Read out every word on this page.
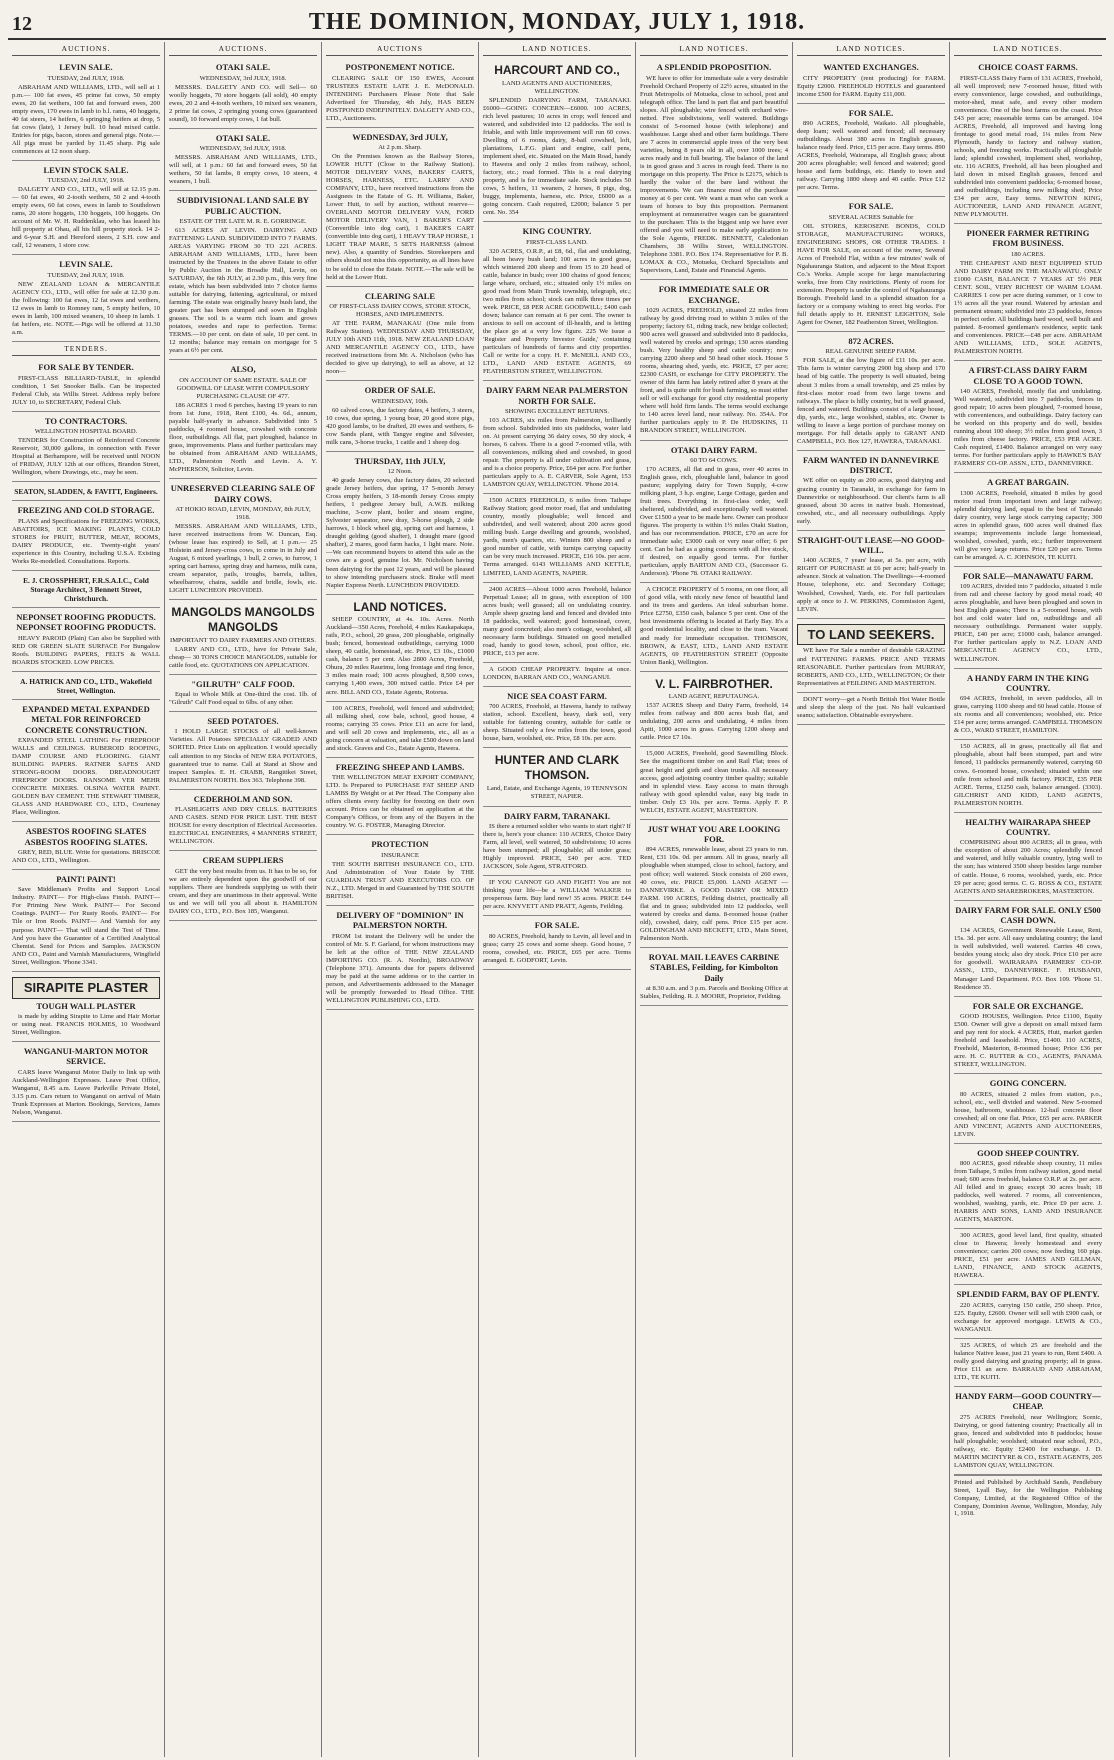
12	THE DOMINION, MONDAY, JULY 1, 1918.
AUCTIONS.
LEVIN SALE.
TUESDAY, 2nd JULY, 1918.

ABRAHAM AND WILLIAMS, LTD., will sell at 1 p.m.— 100 fat ewes, 45 prime fat cows, 50 empty ewes, 20 fat wethers, 100 fat and forward ewes, 200 empty ewes, 170 ewes in lamb to b.l. rams, 40 hoggets, 40 fat steers, 14 heifers, 6 springing heifers at drop, 5 fat cows (late), 1 Jersey bull. 10 head mixed cattle. Entries for pigs, bacon, stores and general pigs. Note.—All pigs must be yarded by 11.45 sharp. Pig sale commences at 12 noon sharp.

LEVIN STOCK SALE.
TUESDAY, 2nd JULY, 1918.

DALGETY AND CO., LTD., will sell at 12.15 p.m.— 60 fat ewes, 40 2-tooth wethers, 50 2 and 4-tooth empty ewes, 60 fat cows, ewes in lamb to Southdown rams, 20 store hoggets, 130 hoggets, 100 hoggets. On account of Mr. W. H. Ruddenklau, who has leased his hill property at Ohau, all his hill property stock. 14 2- and 6-year S.H. and Hereford steers, 2 S.H. cow and calf, 12 weaners, 1 store cow.

LEVIN SALE.
TUESDAY, 2nd JULY, 1918.

NEW ZEALAND LOAN & MERCANTILE AGENCY CO., LTD., will offer for sale at 12.30 p.m. the following: 100 fat ewes, 12 fat ewes and wethers, 12 ewes in lamb to Romney ram, 5 empty heifers, 10 ewes in lamb, 100 mixed weaners, 10 sheep in lamb. 1 fat heifers, etc. NOTE.—Pigs will be offered at 11.30 a.m.

TENDERS.
FOR SALE BY TENDER.

FIRST-CLASS BILLIARD-TABLE, in splendid condition, 1 Set Snooker Balls. Can be inspected Federal Club, sta Willis Street. Address reply before JULY 10, to SECRETARY, Federal Club.

TO CONTRACTORS.
WELLINGTON HOSPITAL BOARD.

TENDERS for Construction of Reinforced Concrete Reservoir, 30,000 gallons, in connection with Fever Hospital at Berhampore, will be received until NOON of FRIDAY, JULY 12th at our offices, Brandon Street, Wellington, where Drawings, etc., may be seen.

SEATON, SLADDEN, & FAVITT, Engineers.
FREEZING AND COLD STORAGE.

PLANS and Specifications for FREEZING WORKS, ABATTOIRS, ICE MAKING PLANTS, COLD STORES for FRUIT, BUTTER, MEAT, ROOMS, DAIRY PRODUCE, etc. Twenty-eight years' experience in this Country, including U.S.A. Existing Works Re-modelled. Consultations. Reports.

E. J. CROSSPHERT, F.R.S.A.I.C., Cold Storage Architect, 3 Bennett Street, Christchurch.
NEPONSET ROOFING PRODUCTS. NEPONSET ROOFING PRODUCTS.

HEAVY PAROID (Plain) Can also be Supplied with RED OR GREEN SLATE SURFACE For Bungalow Roofs. BUILDING PAPERS, FELTS & WALL BOARDS STOCKED. LOW PRICES.

A. HATRICK AND CO., LTD., Wakefield Street, Wellington.
EXPANDED METAL EXPANDED METAL FOR REINFORCED CONCRETE CONSTRUCTION.

EXPANDED STEEL LATHING For FIREPROOF WALLS and CEILINGS. RUBEROID ROOFING, DAMP COURSE AND FLOORING. GIANT BUILDING PAPERS. RATNER SAFES AND STRONG-ROOM DOORS. DREADNOUGHT FIREPROOF DOORS. RANSOME VER MEHR CONCRETE MIXERS. OLSINA WATER PAINT. GOLDEN BAY CEMENT. THE STEWART TIMBER, GLASS AND HARDWARE CO., LTD., Courtenay Place, Wellington.

ASBESTOS ROOFING SLATES ASBESTOS ROOFING SLATES.

GREY, RED, BLUE. Write for quotations. BRISCOE AND CO., LTD., Wellington.

PAINT! PAINT!

Save Middleman's Profits and Support Local Industry. PAINT— For High-class Finish. PAINT— For Priming New Work. PAINT— For Second Coatings. PAINT— For Rusty Roofs. PAINT— For Tile or Iron Roofs. PAINT— And Varnish for any purpose. PAINT— That will stand the Test of Time. And you have the Guarantee of a Certified Analytical Chemist. Send for Prices and Samples. JACKSON AND CO., Paint and Varnish Manufacturers, Wingfield Street, Wellington. 'Phone 3341.

SIRAPITE PLASTER
TOUGH WALL PLASTER

is made by adding Sirapite to Lime and Hair Mortar or using neat. FRANCIS HOLMES, 10 Woodward Street, Wellington.

WANGANUI-MARTON MOTOR SERVICE.

CARS leave Wanganui Motor Daily to link up with Auckland-Wellington Expresses. Leave Post Office, Wanganui, 8.45 a.m. Leave Parkville Private Hotel, 3.15 p.m. Cars return to Wanganui on arrival of Main Trunk Expresses at Marton. Bookings, Services, James Nelson, Wanganui.

AUCTIONS.
OTAKI SALE.
WEDNESDAY, 3rd JULY, 1918.

MESSRS. DALGETY AND CO. will Sell— 60 woolly hoggets, 70 store hoggets (all sold), 40 empty ewes, 20 2 and 4-tooth wethers, 10 mixed sex weaners, 2 prime fat cows, 2 springing young cows (guaranteed sound), 10 forward empty cows, 1 fat bull.

OTAKI SALE.
WEDNESDAY, 3rd JULY, 1918.

MESSRS. ABRAHAM AND WILLIAMS, LTD., will sell, at 1 p.m.: 60 fat and forward ewes, 50 fat wethers, 50 fat lambs, 8 empty cows, 10 steers, 4 weaners, 1 bull.

SUBDIVISIONAL LAND SALE BY PUBLIC AUCTION.
ESTATE OF THE LATE M. R. E. GORRINGE.

613 ACRES AT LEVIN. DAIRYING AND FATTENING LAND. SUBDIVIDED INTO 7 FARMS. AREAS VARYING FROM 30 TO 221 ACRES. ABRAHAM AND WILLIAMS, LTD., have been instructed by the Trustees in the above Estate to offer by Public Auction in the Broadie Hall, Levin, on SATURDAY, the 6th JULY, at 2.30 p.m., this very fine estate, which has been subdivided into 7 choice farms suitable for dairying, fattening, agricultural, or mixed farming. The estate was originally heavy bush land, the greater part has been stumped and sown in English grasses. The soil is a warm rich loam and grows potatoes, swedes and rape to perfection. Terms: TERMS.—10 per cent. on date of sale, 10 per cent. in 12 months; balance may remain on mortgage for 5 years at 6½ per cent.

ALSO,
ON ACCOUNT OF SAME ESTATE. SALE OF GOODWILL OF LEASE WITH COMPULSORY PURCHASING CLAUSE OF 477.

186 ACRES 1 rood 6 perches, having 19 years to run from 1st June, 1918, Rent £100, 4s. 6d., annum, payable half-yearly in advance. Subdivided into 5 paddocks, 4 roomed house, cowshed with concrete floor, outbuildings. All flat, part ploughed, balance in grass, improvements. Plans and further particulars may be obtained from ABRAHAM AND WILLIAMS, LTD., Palmerston North and Levin. A. Y. McPHERSON, Solicitor, Levin.

UNRESERVED CLEARING SALE OF DAIRY COWS.
AT HOKIO ROAD, LEVIN, MONDAY, 8th JULY, 1918.

MESSRS. ABRAHAM AND WILLIAMS, LTD., have received instructions from W. Duncan, Esq. (whose lease has expired) to Sell, at 1 p.m.— 25 Holstein and Jersey-cross cows, to come in in July and August, 6 mixed yearlings, 1 bull, 2 cows, to furrow, 1 spring cart harness, spring dray and harness, milk cans, cream separator, pails, troughs, barrels, tallies, wheelbarrow, chains, saddle and bridle, fowls, etc. LIGHT LUNCHEON PROVIDED.

MANGOLDS MANGOLDS MANGOLDS
IMPORTANT TO DAIRY FARMERS AND OTHERS.

LARRY AND CO., LTD., have for Private Sale, cheap— 30 TONS CHOICE MANGOLDS, suitable for cattle food, etc. QUOTATIONS ON APPLICATION.

"GILRUTH" CALF FOOD.

Equal to Whole Milk at One-third the cost. 1lb. of "Gilruth" Calf Food equal to 6lbs. of any other.

SEED POTATOES.

I HOLD LARGE STOCKS of all well-known Varieties. All Potatoes SPECIALLY GRADED AND SORTED. Price Lists on application. I would specially call attention to my Stocks of NEW ERA POTATOES, guaranteed true to name. Call at Stand at Show and inspect Samples. E. H. CRABB, Rangitikei Street, PALMERSTON NORTH. Box 363. Telephone 398.

CEDERHOLM AND SON.

FLASHLIGHTS AND DRY CELLS. BATTERIES AND CASES. SEND FOR PRICE LIST. THE BEST HOUSE for every description of Electrical Accessories. ELECTRICAL ENGINEERS, 4 MANNERS STREET, WELLINGTON.

CREAM SUPPLIERS

GET the very best results from us. It has to be so, for we are entirely dependent upon the goodwill of our suppliers. There are hundreds supplying us with their cream, and they are unanimous in their approval. Write us and we will tell you all about it. HAMILTON DAIRY CO., LTD., P.O. Box 185, Wanganui.

AUCTIONS
POSTPONEMENT NOTICE.

CLEARING SALE OF 150 EWES, Account TRUSTEES ESTATE LATE J. E. McDONALD. INTENDING Purchasers Please Note that Sale Advertised for Thursday, 4th July, HAS BEEN POSTPONED INDEFINITELY. DALGETY AND CO., LTD., Auctioneers.

WEDNESDAY, 3rd JULY,
At 2 p.m. Sharp.

On the Premises known as the Railway Stores, LOWER HUTT (Close to the Railway Station). MOTOR DELIVERY VANS, BAKERS' CARTS, HORSES, HARNESS, ETC. LARRY AND COMPANY, LTD., have received instructions from the Assignees in the Estate of G. H. Williams, Baker, Lower Hutt, to sell by auction, without reserve— OVERLAND MOTOR DELIVERY VAN, FORD MOTOR DELIVERY VAN, 1 BAKER'S CART (Convertible into dog cart), 1 BAKER'S CART (convertible into dog cart), 1 HEAVY TRAP HORSE, 1 LIGHT TRAP MARE, 5 SETS HARNESS (almost new). Also, a quantity of Sundries. Storekeepers and others should not miss this opportunity, as all lines have to be sold to close the Estate. NOTE.—The sale will be held at the Lower Hutt.

CLEARING SALE
OF FIRST-CLASS DAIRY COWS, STORE STOCK, HORSES, AND IMPLEMENTS.

AT THE FARM, MANAKAU (One mile from Railway Station). WEDNESDAY AND THURSDAY, JULY 10th AND 11th, 1918. NEW ZEALAND LOAN AND MERCANTILE AGENCY CO., LTD., have received instructions from Mr. A. Nicholson (who has decided to give up dairying), to sell as above, at 12 noon—

ORDER OF SALE.
WEDNESDAY, 10th.

60 calved cows, due factory dates, 4 heifers, 3 steers, 10 cows, due spring, 1 young boar, 20 good store pigs, 420 good lambs, to be drafted, 20 ewes and wethers, 6-cow Sands plant, with Tangye engine and Silvester, milk cans, 3-horse trucks, 1 cattle and 1 sheep dog.

THURSDAY, 11th JULY,
12 Noon.

40 grade Jersey cows, due factory dates, 20 selected grade Jersey heifers, due spring, 17 5-month Jersey Cross empty heifers, 3 18-month Jersey Cross empty heifers, 1 pedigree Jersey bull, A.W.B. milking machine, 3-cow plant, boiler and steam engine, Sylvester separator, new dray, 3-horse plough, 2 side harrows, 1 block wheel gig, spring cart and harness, 1 draught gelding (good shafter), 1 draught mare (good shafter), 2 mares, good farm hacks, 1 light mare. Note.—We can recommend buyers to attend this sale as the cows are a good, genuine lot. Mr. Nicholson having been dairying for the past 12 years, and will be pleased to show intending purchasers stock. Brake will meet Napier Express North. LUNCHEON PROVIDED.

LAND NOTICES.

SHEEP COUNTRY, at 4s. 10s. Acres. North Auckland—350 Acres, Freehold, 4 miles Kaukapakapa, rails, P.O., school, 20 grass, 200 ploughable, originally bush; fenced, homestead outbuildings, carrying 1000 sheep, 40 cattle, homestead, etc. Price, £3 10s., £1000 cash, balance 5 per cent. Also 2800 Acres, Freehold, Ohura, 20 miles Raurimu, long frontage and ring fence, 3 miles main road; 100 acres ploughed, 8,500 cows, carrying 1,400 ewes, 300 mixed cattle. Price £4 per acre. BILL AND CO., Estate Agents, Rotorua.

100 ACRES, Freehold, well fenced and subdivided; all milking shed, cow bale, school, good house, 4 rooms; carrying 35 cows. Price £11 an acre for land, and will sell 20 cows and implements, etc., all as a going concern at valuation, and take £500 down on land and stock. Graves and Co., Estate Agents, Hawera.

FREEZING SHEEP AND LAMBS.

THE WELLINGTON MEAT EXPORT COMPANY, LTD. Is Prepared to PURCHASE FAT SHEEP AND LAMBS By Weight or at Per Head. The Company also offers clients every facility for freezing on their own account. Prices can be obtained on application at the Company's Offices, or from any of the Buyers in the country. W. G. FOSTER, Managing Director.

PROTECTION
INSURANCE

THE SOUTH BRITISH INSURANCE CO., LTD. And Administration of Your Estate by THE GUARDIAN TRUST AND EXECUTORS CO. OF N.Z., LTD. Merged in and Guaranteed by THE SOUTH BRITISH.

DELIVERY OF "DOMINION" IN PALMERSTON NORTH.

FROM 1st instant the Delivery will be under the control of Mr. S. F. Garland, for whom instructions may be left at the office of THE NEW ZEALAND IMPORTING CO. (R. A. Nordin), BROADWAY (Telephone 371). Amounts due for papers delivered may be paid at the same address or to the carrier in person, and Advertisements addressed to the Manager will be promptly forwarded to Head Office. THE WELLINGTON PUBLISHING CO., LTD.

LAND NOTICES.
HARCOURT AND CO.,
LAND AGENTS AND AUCTIONEERS, WELLINGTON.

SPLENDID DAIRYING FARM, TARANAKI. £6000—GOING CONCERN—£6000. 100 ACRES, rich level pastures; 10 acres in crop; well fenced and watered, and subdivided into 12 paddocks. The soil is friable, and with little improvement will run 60 cows. Dwelling of 6 rooms, dairy, 8-bail cowshed, loft, plantations, L.F.G. plant and engine, calf pens, implement shed, etc. Situated on the Main Road, handy to Hawera and only 2 miles from railway, school, factory, etc.; road formed. This is a real dairying property, and is for immediate sale. Stock includes 50 cows, 5 heifers, 11 weaners, 2 horses, 8 pigs, dog, buggy, implements, harness, etc. Price, £6000 as a going concern. Cash required, £2000; balance 5 per cent. No. 354

KING COUNTRY.
FIRST-CLASS LAND.

320 ACRES, O.R.P., at £8, 6d., flat and undulating, all been heavy bush land; 100 acres in good grass, which wintered 200 sheep and from 15 to 20 head of cattle, balance in bush; over 100 chains of good fences; large whare, orchard, etc.; situated only 1½ miles on good road from Main Trunk township, telegraph, etc.; two miles from school; stock can milk three times per week. PRICE, £8 PER ACRE GOODWILL; £400 cash down; balance can remain at 6 per cent. The owner is anxious to sell on account of ill-health, and is letting the place go at a very low figure. 225 We issue a 'Register and Property Investor Guide,' containing particulars of hundreds of farms and city properties. Call or write for a copy. H. F. McNEILL AND CO., LTD., LAND AND ESTATE AGENTS, 69 FEATHERSTON STREET, WELLINGTON.

DAIRY FARM NEAR PALMERSTON NORTH FOR SALE.
SHOWING EXCELLENT RETURNS.

103 ACRES, six miles from Palmerston, brilliantly from school. Subdivided into six paddocks, water laid on. At present carrying 36 dairy cows, 50 dry stock, 4 horses, 6 calves. There is a good 7-roomed villa, with all conveniences, milking shed and cowshed, in good repair. The property is all under cultivation and grass, and is a choice property. Price, £64 per acre. For further particulars apply to A. E. CARVER, Sole Agent, 153 LAMBTON QUAY, WELLINGTON. 'Phone 2014.

1500 ACRES FREEHOLD, 6 miles from Taihape Railway Station; good motor road, flat and undulating country, mostly ploughable; well fenced and subdivided, and well watered; about 200 acres good milling bush. Large dwelling and grounds, woolshed, yards, men's quarters, etc. Winters 800 sheep and a good number of cattle, with turnips carrying capacity can be very much increased. PRICE, £16 10s. per acre. Terms arranged. 6143 WILLIAMS AND KETTLE, LIMITED, LAND AGENTS, NAPIER.

2400 ACRES—About 1000 acres Freehold, balance Perpetual Lease; all in grass, with exception of 100 acres bush; well grassed; all on undulating country. Ample sheep grazing land and fenced and divided into 18 paddocks, well watered; good homestead, cover, many good concreted; also men's cottage, woolshed, all necessary farm buildings. Situated on good metalled road, handy to good town, school, post office, etc. PRICE, £13 per acre.

A GOOD CHEAP PROPERTY. Inquire at once. LONDON, BARRAN AND CO., WANGANUI.

NICE SEA COAST FARM.

700 ACRES, Freehold, at Hawera, handy to railway station, school. Excellent, heavy, dark soil, very suitable for fattening country, suitable for cattle or sheep. Situated only a few miles from the town, good house, barn, woolshed, etc. Price, £8 10s. per acre.

HUNTER AND CLARK THOMSON.
Land, Estate, and Exchange Agents, 19 TENNYSON STREET, NAPIER.
DAIRY FARM, TARANAKI.

IS there a returned soldier who wants to start right? If there is, here's your chance: 110 ACRES, Choice Dairy Farm, all level, well watered, 50 subdivisions; 10 acres have been stumped; all ploughable; all under grass; Highly improved. PRICE, £40 per acre. TED JACKSON, Sole Agent, STRATFORD.

IF YOU CANNOT GO AND FIGHT! You are not thinking your life—be a WILLIAM WALKER to prosperous farm. Buy land now! 35 acres. PRICE £44 per acre. KNYVETT AND PRATT, Agents, Feilding.

FOR SALE.

80 ACRES, Freehold, handy to Levin, all level and in grass; carry 25 cows and some sheep. Good house, 7 rooms, cowshed, etc. PRICE, £65 per acre. Terms arranged. E. GODFORT, Levin.

LAND NOTICES.
A SPLENDID PROPOSITION.

WE have to offer for immediate sale a very desirable Freehold Orchard Property of 22½ acres, situated in the Fruit Metropolis of Motueka, close to school, post and telegraph office. The land is part flat and part beautiful slopes. All ploughable; wire fenced with orchard wire-netted. Five subdivisions, well watered. Buildings consist of 5-roomed house (with telephone) and washhouse. Large shed and other farm buildings. There are 7 acres in commercial apple trees of the very best varieties, being 8 years old in all, over 1000 trees; 4 acres ready and in full bearing. The balance of the land is in good grass and 3 acres in rough feed. There is no mortgage on this property. The Price is £2175, which is hardly the value of the bare land without the improvements. We can finance most of the purchase money at 6 per cent. We want a man who can work a team of horses to buy this proposition. Permanent employment at remunerative wages can be guaranteed to the purchaser. This is the biggest snip we have ever offered and you will need to make early application to the Sole Agents, FREDK. BENNETT, Caledonian Chambers, 38 Willis Street, WELLINGTON. Telephone 3381. P.O. Box 174. Representative for P. B. LOMAX & CO., Motueka, Orchard Specialists and Supervisors, Land, Estate and Financial Agents.

FOR IMMEDIATE SALE OR EXCHANGE.

1029 ACRES, FREEHOLD, situated 22 miles from railway by good driving road to within 3 miles of the property; factory 61, riding track, new bridge collected; 900 acres well grassed and subdivided into 8 paddocks, well watered by creeks and springs; 130 acres standing bush. Very healthy sheep and cattle country; now carrying 2200 sheep and 50 head other stock. House 5 rooms, shearing shed, yards, etc. PRICE, £7 per acre; £2300 CASH, or exchange for CITY PROPERTY. The owner of this farm has lately retired after 8 years at the front, and is quite unfit for bush farming, so must either sell or will exchange for good city residential property where will hold firm lands. The terms would exchange to 140 acres level land, near railway. No. 354A. For further particulars apply to P. De HUDSKINS, 11 BRANDON STREET, WELLINGTON.

OTAKI DAIRY FARM.
60 TO 64 COWS.

170 ACRES, all flat and in grass, over 40 acres in English grass, rich, ploughable land, balance in good pasture; supplying dairy for Town Supply, 4-cow milking plant, 3 h.p. engine, Large Cottage, garden and fruit trees. Everything in first-class order, well sheltered, subdivided, and exceptionally well watered. Over £1500 a year to be made here. Owner can produce figures. The property is within 1½ miles Otaki Station, and has our recommendation. PRICE, £70 an acre for immediate sale; £3000 cash or very near offer; 6 per cent. Can be had as a going concern with all live stock, if desired, on equally good terms. For further particulars, apply BARTON AND CO., (Successor G. Anderson). 'Phone 78. OTAKI RAILWAY.

A CHOICE PROPERTY of 5 rooms, on one floor, all of good villa, with nicely new fence of beautiful land and its trees and gardens. An ideal suburban home. Price £2750, £350 cash, balance 5 per cent. One of the best investments offering is located at Early Bay. It's a good residential locality, and close to the tram. Vacant and ready for immediate occupation. THOMSON, BROWN, & EAST, LTD., LAND AND ESTATE AGENTS, 69 FEATHERSTON STREET (Opposite Union Bank), Wellington.

V. L. FAIRBROTHER.
LAND AGENT, REPUTAUNGA.

1537 ACRES Sheep and Dairy Farm, freehold, 14 miles from railway and 800 acres bush flat, and undulating, 200 acres and undulating, 4 miles from Apiti, 1000 acres in grass. Carrying 1200 sheep and cattle. Price £7 10s.

15,000 ACRES, Freehold, good Sawmilling Block. See the magnificent timber on and Rail Flat; trees of great height and girth and clean trunks. All necessary access, good adjoining country timber quality; suitable and in splendid view. Easy access to main through railway with good splendid value, easy big trade in timber. Only £3 10s. per acre. Terms. Apply F. P. WELCH, ESTATE AGENT, MASTERTON.

JUST WHAT YOU ARE LOOKING FOR.

894 ACRES, renewable lease, about 23 years to run. Rent, £31 10s. 0d. per annum. All in grass, nearly all ploughable when stumped, close to school, factory, and post office; well watered. Stock consists of 260 ewes, 40 cows, etc. PRICE £5,000. LAND AGENT — DANNEVIRKE. A GOOD DAIRY OR MIXED FARM. 190 ACRES, Feilding district, practically all flat and in grass; subdivided into 12 paddocks, well watered by creeks and dams. 8-roomed house (rather old), cowshed, dairy, calf pens. Price £15 per acre. GOLDINGHAM AND BECKETT, LTD., Main Street, Palmerston North.

ROYAL MAIL LEAVES CARBINE STABLES, Feilding, for Kimbolton Daily

at 8.30 a.m. and 3 p.m. Parcels and Booking Office at Stables, Feilding. R. J. MOORE, Proprietor, Feilding.

LAND NOTICES.
WANTED EXCHANGES.

CITY PROPERTY (rent producing) for FARM. Equity £2000. FREEHOLD HOTELS and guaranteed income £500 for FARM. Equity £11,000.

FOR SALE.

890 ACRES, Freehold, Waikato. All ploughable, deep loam; well watered and fenced; all necessary outbuildings. About 380 acres in English grasses, balance ready feed. Price, £15 per acre. Easy terms. 890 ACRES, Freehold, Wairarapa, all English grass; about 200 acres ploughable; well fenced and watered; good house and farm buildings, etc. Handy to town and railway. Carrying 1800 sheep and 40 cattle. Price £12 per acre. Terms.

FOR SALE.
SEVERAL ACRES Suitable for

OIL STORES, KEROSENE BONDS, COLD STORAGE, MANUFACTURING WORKS, ENGINEERING SHOPS, OR OTHER TRADES. I HAVE FOR SALE, on account of the owner, Several Acres of Freehold Flat, within a few minutes' walk of Ngahauranga Station, and adjacent to the Meat Export Co.'s Works. Ample scope for large manufacturing works, free from City restrictions. Plenty of room for extension. Property is under the control of Ngahauranga Borough. Freehold land in a splendid situation for a factory or a company wishing to erect big works. For full details apply to H. ERNEST LEIGHTON, Sole Agent for Owner, 182 Featherston Street, Wellington.

872 ACRES.
REAL GENUINE SHEEP FARM.

FOR SALE, at the low figure of £11 10s. per acre. This farm is winter carrying 2900 big sheep and 170 head of big cattle. The property is well situated, being about 3 miles from a small township, and 25 miles by first-class motor road from two large towns and railways. The place is hilly country, but is well grassed, fenced and watered. Buildings consist of a large house, dip, yards, etc., large woolshed, stables, etc. Owner is willing to leave a large portion of purchase money on mortgage. For full details apply to GRANT AND CAMPBELL, P.O. Box 127, HAWERA, TARANAKI.

FARM WANTED IN DANNEVIRKE DISTRICT.

WE offer on equity as 200 acres, good dairying and grazing country in Taranaki, in exchange for farm in Dannevirke or neighbourhood. Our client's farm is all grassed, about 30 acres in native bush. Homestead, cowshed, etc., and all necessary outbuildings. Apply early.

STRAIGHT-OUT LEASE—NO GOOD-WILL.

1400 ACRES, 7 years' lease, at 5s. per acre, with RIGHT OF PURCHASE at £6 per acre; half-yearly in advance. Stock at valuation. The Dwellings—4-roomed House, telephone, etc. and Secondary Cottage; Woolshed, Cowshed, Yards, etc. For full particulars apply at once to J. W. PERKINS, Commission Agent, LEVIN.

TO LAND SEEKERS.

WE have For Sale a number of desirable GRAZING and FATTENING FARMS. PRICE AND TERMS REASONABLE. Further particulars from MURRAY, ROBERTS, AND CO., LTD., WELLINGTON; Or their Representatives at FEILDING AND MASTERTON.

DON'T worry—get a North British Hot Water Bottle and sleep the sleep of the just. No half vulcanised seams; satisfaction. Obtainable everywhere.

LAND NOTICES.
CHOICE COAST FARMS.

FIRST-CLASS Dairy Farm of 131 ACRES, Freehold, all well improved; new 7-roomed house, fitted with every convenience, large cowshed, and outbuildings, motor-shed, meat safe, and every other modern convenience. One of the best farms on the coast. Price £43 per acre; reasonable terms can be arranged. 104 ACRES, Freehold, all improved and having long frontage to good metal road, 1¼ miles from New Plymouth, handy to factory and railway station, schools, and freezing works. Practically all ploughable land; splendid cowshed, implement shed, workshop, etc. 116 ACRES, Freehold, all has been ploughed and laid down in mixed English grasses, fenced and subdivided into convenient paddocks; 6-roomed house, and outbuildings, including new milking shed; Price £34 per acre, Easy terms. NEWTON KING, AUCTIONEER, LAND AND FINANCE AGENT, NEW PLYMOUTH.

PIONEER FARMER RETIRING FROM BUSINESS.
180 ACRES.

THE CHEAPEST AND BEST EQUIPPED STUD AND DAIRY FARM IN THE MANAWATU. ONLY £1000 CASH, BALANCE 7 YEARS AT 5½ PER CENT. SOIL, VERY RICHEST OF WARM LOAM. CARRIES 1 cow per acre during summer, or 1 cow to 1½ acres all the year round. Watered by artesian and permanent stream; subdivided into 23 paddocks, fences in perfect order. All buildings hard wood, well built and painted. 8-roomed gentleman's residence, septic tank and conveniences. PRICE—£48 per acre. ABRAHAM AND WILLIAMS, LTD., SOLE AGENTS, PALMERSTON NORTH.

A FIRST-CLASS DAIRY FARM CLOSE TO A GOOD TOWN.

140 ACRES, Freehold, mostly flat and undulating. Well watered, subdivided into 7 paddocks, fences in good repair; 10 acres been ploughed, 7-roomed house, with conveniences, and outbuildings. Dairy factory can be worked on this property and do well, besides running about 100 sheep; 3½ miles from good town, 3 miles from cheese factory. PRICE, £53 PER ACRE. Cash required, £1400. Balance arranged on very easy terms. For further particulars apply to HAWKE'S BAY FARMERS' CO-OP. ASSN., LTD., DANNEVIRKE.

A GREAT BARGAIN.

1300 ACRES, Freehold, situated 8 miles by good motor road from important town and large railway; splendid dairying land, equal to the best of Taranaki dairy country, very large stock carrying capacity; 300 acres in splendid grass, 600 acres well drained flax swamps; improvements include large homestead, woolshed, cowshed, yards, etc.; further improvement will give very large returns. Price £20 per acre. Terms can be arranged. A. C. JOHNSON, TE KUITI.

FOR SALE—MANAWATU FARM.

109 ACRES, divided into 7 paddocks, situated 1 mile from rail and cheese factory by good metal road; 40 acres ploughable, and have been ploughed and sown in best English grasses; There is a 5-roomed house, with hot and cold water laid on, outbuildings and all necessary outbuildings. Permanent water supply. PRICE, £40 per acre; £1000 cash, balance arranged. For further particulars apply to N.Z. LOAN AND MERCANTILE AGENCY CO., LTD., WELLINGTON.

A HANDY FARM IN THE KING COUNTRY.

694 ACRES, freehold, in seven paddocks, all in grass, carrying 1100 sheep and 60 head cattle. House of six rooms and all conveniences; woolshed, etc. Price £14 per acre; terms arranged. CAMPBELL THOMSON & CO., WARD STREET, HAMILTON.

150 ACRES, all in grass, practically all flat and ploughable, about half been stumped, part and wire fenced, 11 paddocks permanently watered, carrying 60 cows. 6-roomed house, cowshed; situated within one mile from school and milk factory. PRICE, £35 PER ACRE. Terms, £1250 cash, balance arranged. (3303). GILCHRIST AND KIDD, LAND AGENTS, PALMERSTON NORTH.

HEALTHY WAIRARAPA SHEEP COUNTRY.

COMPRISING about 800 ACRES; all in grass, with the exception of about 200 Acres; splendidly fenced and watered, and hilly valuable country, lying well to the sun; has wintered 3500 sheep besides large number of cattle. House, 6 rooms, woolshed, yards, etc. Price £9 per acre; good terms. C. G. ROSS & CO., ESTATE AGENTS AND SHAREBROKERS, MASTERTON.

DAIRY FARM FOR SALE. ONLY £500 CASH DOWN.

134 ACRES, Government Renewable Lease, Rent, 15s. 3d. per acre. All easy undulating country; the land is well subdivided, well watered. Carries 48 cows, besides young stock; also dry stock. Price £10 per acre for goodwill. WAIRARAPA FARMERS' CO-OP. ASSN., LTD., DANNEVIRKE. F. HUSBAND, Manager Land Department. P.O. Box 109. 'Phone 51. Residence 35.

FOR SALE OR EXCHANGE.

GOOD HOUSES, Wellington. Price £1100, Equity £500. Owner will give a deposit on small mixed farm and pay rent for stock. 4 ACRES, Hutt, market garden freehold and leasehold. Price, £1400. 110 ACRES, Freehold, Masterton, 8-roomed house; Price £36 per acre. H. C. RUTTER & CO., AGENTS, PANAMA STREET, WELLINGTON.

GOING CONCERN.

80 ACRES, situated 2 miles from station, p.o., school, etc., well divided and watered. New 5-roomed house, bathroom, washhouse. 12-bail concrete floor cowshed; all on one flat. Price, £65 per acre. PARKER AND VINCENT, AGENTS AND AUCTIONEERS, LEVIN.

GOOD SHEEP COUNTRY.

800 ACRES, good rideable sheep country, 11 miles from Taihape, 5 miles from railway station, good metal road; 600 acres freehold, balance O.R.P. at 2s. per acre. All felled and in grass; except 30 acres bush; 18 paddocks, well watered. 7 rooms, all conveniences, woolshed, washing, yards, etc. Price £9 per acre. J. HARRIS AND SONS, LAND AND INSURANCE AGENTS, MARTON.

300 ACRES, good level land, first quality, situated close to Hawera; lovely homestead and every convenience; carries 200 cows; now feeding 160 pigs. PRICE, £51 per acre. JAMES AND GILLMAN, LAND, FINANCE, AND STOCK AGENTS, HAWERA.

SPLENDID FARM, BAY OF PLENTY.

220 ACRES, carrying 150 cattle, 250 sheep. Price, £25. Equity, £2600. Owner will sell with £900 cash, or exchange for approved mortgage. LEWIS & CO., WANGANUI.

325 ACRES, of which 25 are freehold and the balance Native lease, just 21 years to run, Rent £400. A really good dairying and grazing property; all in grass. Price £11 an acre. BARRAUD AND ABRAHAM, LTD., TE KUITI.

HANDY FARM—GOOD COUNTRY—CHEAP.

275 ACRES Freehold, near Wellington; Scenic, Dairying, or good fattening country; Practically all in grass, fenced and subdivided into 8 paddocks; house half ploughable; woolshed; situated near school, P.O., railway, etc. Equity £2400 for exchange. J. D. MARTIN MCINTYRE & CO., ESTATE AGENTS, 205 LAMBTON QUAY, WELLINGTON.

Printed and Published by Archibald Sands, Pendlebury Street, Lyall Bay, for the Wellington Publishing Company, Limited, at the Registered Office of the Company, Dominion Avenue, Wellington, Monday, July 1, 1918.
